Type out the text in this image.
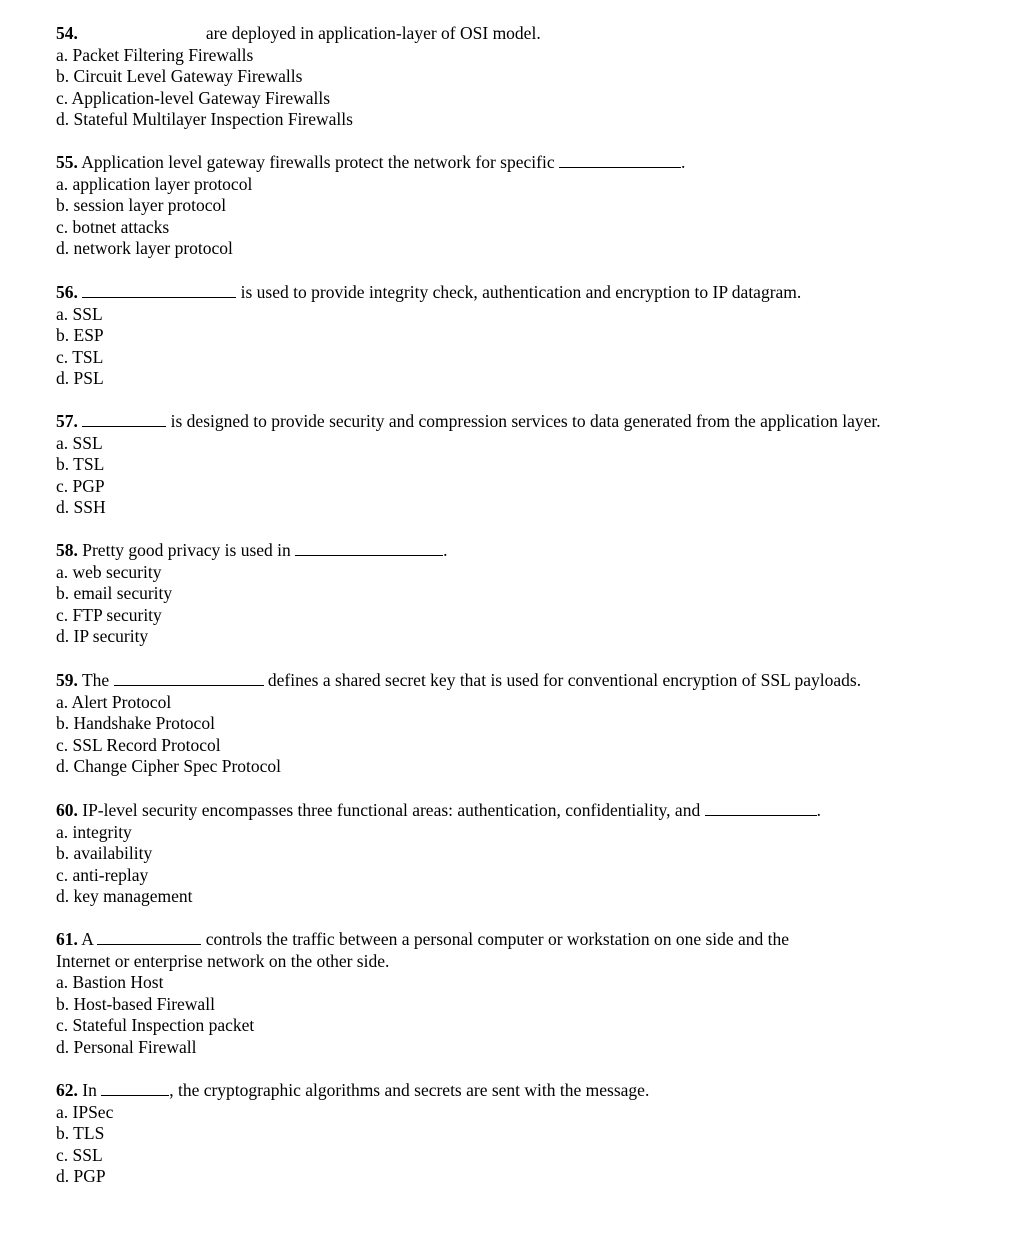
54.	are deployed in application-layer of OSI model.
a. Packet Filtering Firewalls
b. Circuit Level Gateway Firewalls
c. Application-level Gateway Firewalls
d. Stateful Multilayer Inspection Firewalls
55. Application level gateway firewalls protect the network for specific	.
a. application layer protocol
b. session layer protocol
c. botnet attacks
d. network layer protocol
56.	is used to provide integrity check, authentication and encryption to IP datagram.
a. SSL
b. ESP
c. TSL
d. PSL
57.	is designed to provide security and compression services to data generated from the application layer.
a. SSL
b. TSL
c. PGP
d. SSH
58. Pretty good privacy is used in	.
a. web security
b. email security
c. FTP security
d. IP security
59. The	defines a shared secret key that is used for conventional encryption of SSL payloads.
a. Alert Protocol
b. Handshake Protocol
c. SSL Record Protocol
d. Change Cipher Spec Protocol
60. IP-level security encompasses three functional areas: authentication, confidentiality, and	.
a. integrity
b. availability
c. anti-replay
d. key management
61. A	controls the traffic between a personal computer or workstation on one side and the
Internet or enterprise network on the other side.
a. Bastion Host
b. Host-based Firewall
c. Stateful Inspection packet
d. Personal Firewall
62. In	, the cryptographic algorithms and secrets are sent with the message.
a. IPSec
b. TLS
c. SSL
d. PGP
